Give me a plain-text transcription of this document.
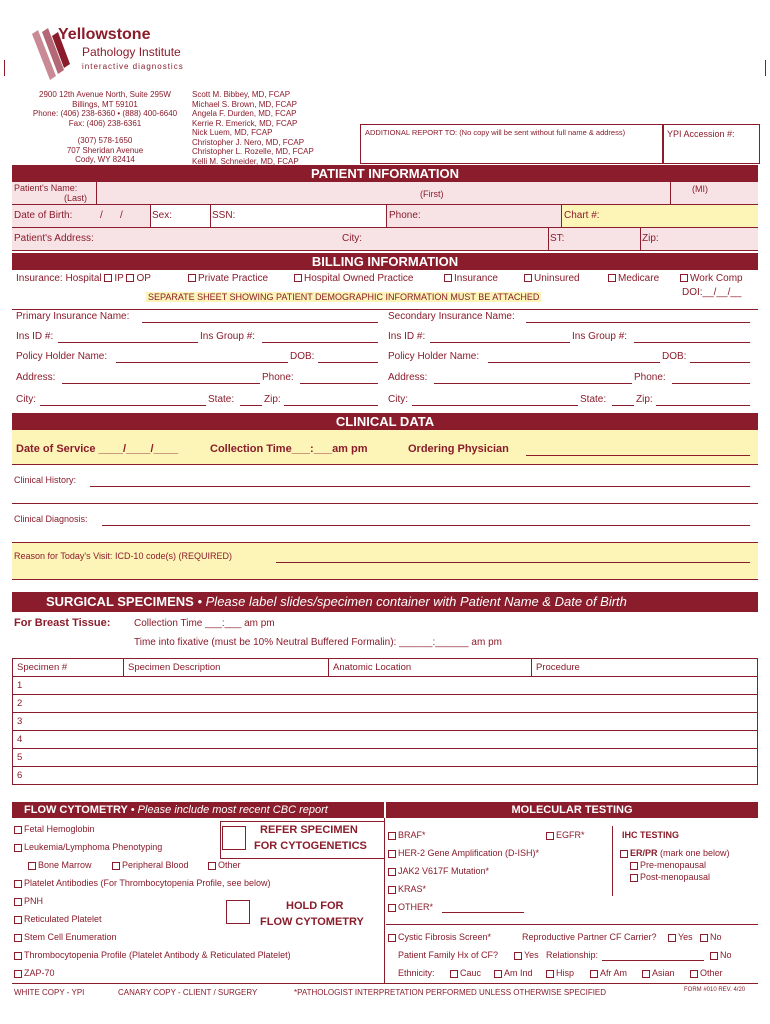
Yellowstone
Pathology Institute
interactive diagnostics
2900 12th Avenue North, Suite 295W
Billings, MT 59101
Phone: (406) 238-6360 • (888) 400-6640
Fax: (406) 238-6361
(307) 578-1650
707 Sheridan Avenue
Cody, WY 82414
Scott M. Bibbey, MD, FCAP
Michael S. Brown, MD, FCAP
Angela F. Durden, MD, FCAP
Kerrie R. Emerick, MD, FCAP
Nick Luem, MD, FCAP
Christopher J. Nero, MD, FCAP
Christopher L. Rozelle, MD, FCAP
Kelli M. Schneider, MD, FCAP
ADDITIONAL REPORT TO: (No copy will be sent without full name & address)	YPI Accession #:
PATIENT INFORMATION
Patient's Name:
(Last)	(First)	(MI)
Date of Birth:	/ /	Sex:	SSN:	Phone:	Chart #:
Patient's Address:	City:	ST:	Zip:
BILLING INFORMATION
Insurance: Hospital IP OP	Private Practice	Hospital Owned Practice	Insurance	Uninsured	Medicare	Work Comp
DOI:__/__/__
SEPARATE SHEET SHOWING PATIENT DEMOGRAPHIC INFORMATION MUST BE ATTACHED
Primary Insurance Name:	Secondary Insurance Name:
Ins ID #:	Ins Group #:	Ins ID #:	Ins Group #:
Policy Holder Name:	DOB:	Policy Holder Name:	DOB:
Address:	Phone:	Address:	Phone:
City:	State:	Zip:	City:	State:	Zip:
CLINICAL DATA
Date of Service ____/____/____	Collection Time___:___am pm	Ordering Physician
Clinical History:
Clinical Diagnosis:
Reason for Today's Visit: ICD-10 code(s) (REQUIRED)
SURGICAL SPECIMENS • Please label slides/specimen container with Patient Name & Date of Birth
For Breast Tissue: Collection Time ___:___ am pm
Time into fixative (must be 10% Neutral Buffered Formalin): ______:______ am pm
Specimen #	Specimen Description	Anatomic Location	Procedure
1			
2			
3			
4			
5			
6			
FLOW CYTOMETRY • Please include most recent CBC report	MOLECULAR TESTING
Fetal Hemoglobin
Leukemia/Lymphoma Phenotyping
Bone Marrow	Peripheral Blood	Other
REFER SPECIMEN
FOR CYTOGENETICS
Platelet Antibodies (For Thrombocytopenia Profile, see below)
PNH
Reticulated Platelet
HOLD FOR
FLOW CYTOMETRY
Stem Cell Enumeration
Thrombocytopenia Profile (Platelet Antibody & Reticulated Platelet)
ZAP-70
BRAF*	EGFR*
HER-2 Gene Amplification (D-ISH)*
JAK2 V617F Mutation*
KRAS*
OTHER*
IHC TESTING
ER/PR (mark one below)
Pre-menopausal
Post-menopausal
Cystic Fibrosis Screen*	Reproductive Partner CF Carrier?	Yes	No
Patient Family Hx of CF?	Yes Relationship:	No
Ethnicity:	Cauc	Am Ind	Hisp	Afr Am	Asian	Other
WHITE COPY - YPI	CANARY COPY - CLIENT / SURGERY	*PATHOLOGIST INTERPRETATION PERFORMED UNLESS OTHERWISE SPECIFIED	FORM #010 REV. 4/20
